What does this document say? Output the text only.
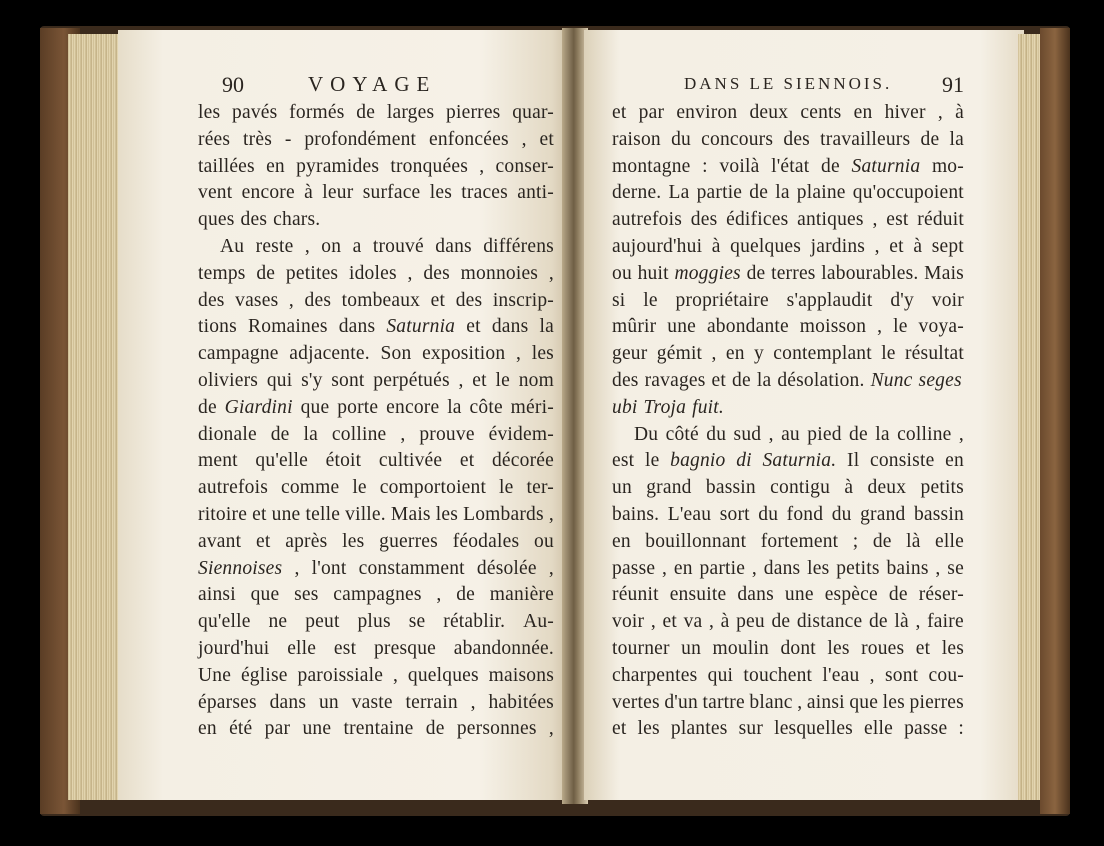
90	VOYAGE
les pavés formés de larges pierres quar-
rées très - profondément enfoncées , et
taillées en pyramides tronquées , conser-
vent encore à leur surface les traces anti-
ques des chars.
Au reste , on a trouvé dans différens
temps de petites idoles , des monnoies ,
des vases , des tombeaux et des inscrip-
tions Romaines dans Saturnia et dans la
campagne adjacente. Son exposition , les
oliviers qui s'y sont perpétués , et le nom
de Giardini que porte encore la côte méri-
dionale de la colline , prouve évidem-
ment qu'elle étoit cultivée et décorée
autrefois comme le comportoient le ter-
ritoire et une telle ville. Mais les Lombards ,
avant et après les guerres féodales ou
Siennoises , l'ont constamment désolée ,
ainsi que ses campagnes , de manière
qu'elle ne peut plus se rétablir. Au-
jourd'hui elle est presque abandonnée.
Une église paroissiale , quelques maisons
éparses dans un vaste terrain , habitées
en été par une trentaine de personnes ,
DANS LE SIENNOIS. 91
et par environ deux cents en hiver , à
raison du concours des travailleurs de la
montagne : voilà l'état de Saturnia mo-
derne. La partie de la plaine qu'occupoient
autrefois des édifices antiques , est réduit
aujourd'hui à quelques jardins , et à sept
ou huit moggies de terres labourables. Mais
si le propriétaire s'applaudit d'y voir
mûrir une abondante moisson , le voya-
geur gémit , en y contemplant le résultat
des ravages et de la désolation. Nunc seges
ubi Troja fuit.
Du côté du sud , au pied de la colline ,
est le bagnio di Saturnia. Il consiste en
un grand bassin contigu à deux petits
bains. L'eau sort du fond du grand bassin
en bouillonnant fortement ; de là elle
passe , en partie , dans les petits bains , se
réunit ensuite dans une espèce de réser-
voir , et va , à peu de distance de là , faire
tourner un moulin dont les roues et les
charpentes qui touchent l'eau , sont cou-
vertes d'un tartre blanc , ainsi que les pierres
et les plantes sur lesquelles elle passe :
